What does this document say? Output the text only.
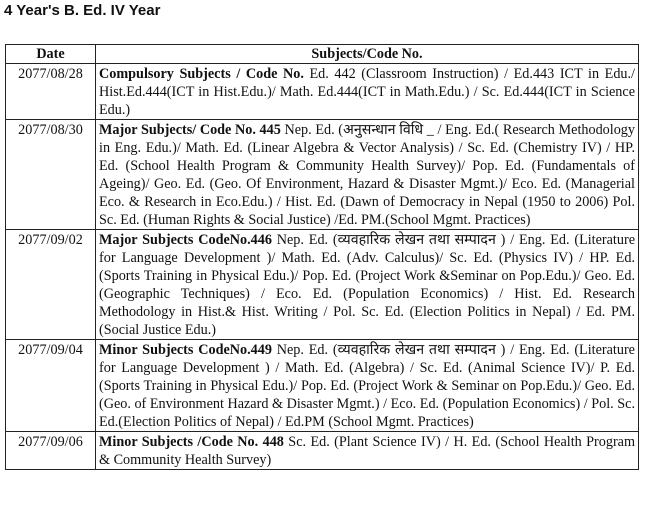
4 Year's B. Ed. IV Year
Date	Subjects/Code No.
2077/08/28	Compulsory Subjects / Code No. Ed. 442 (Classroom Instruction) / Ed.443 ICT in Edu./ Hist.Ed.444(ICT in Hist.Edu.)/ Math. Ed.444(ICT in Math.Edu.) / Sc. Ed.444(ICT in Science Edu.)
2077/08/30	Major Subjects/ Code No. 445 Nep. Ed. (अनुसन्धान विधि _ / Eng. Ed.( Research Methodology in Eng. Edu.)/ Math. Ed. (Linear Algebra & Vector Analysis) / Sc. Ed. (Chemistry IV) / HP. Ed. (School Health Program & Community Health Survey)/ Pop. Ed. (Fundamentals of Ageing)/ Geo. Ed. (Geo. Of Environment, Hazard & Disaster Mgmt.)/ Eco. Ed. (Managerial Eco. & Research in Eco.Edu.) / Hist. Ed. (Dawn of Democracy in Nepal (1950 to 2006) Pol. Sc. Ed. (Human Rights & Social Justice) /Ed. PM.(School Mgmt. Practices)
2077/09/02	Major Subjects CodeNo.446 Nep. Ed. (व्यवहारिक लेखन तथा सम्पादन ) / Eng. Ed. (Literature for Language Development )/ Math. Ed. (Adv. Calculus)/ Sc. Ed. (Physics IV) / HP. Ed. (Sports Training in Physical Edu.)/ Pop. Ed. (Project Work &Seminar on Pop.Edu.)/ Geo. Ed. (Geographic Techniques) / Eco. Ed. (Population Economics) / Hist. Ed. Research Methodology in Hist.& Hist. Writing / Pol. Sc. Ed. (Election Politics in Nepal) / Ed. PM. (Social Justice Edu.)
2077/09/04	Minor Subjects CodeNo.449 Nep. Ed. (व्यवहारिक लेखन तथा सम्पादन ) / Eng. Ed. (Literature for Language Development ) / Math. Ed. (Algebra) / Sc. Ed. (Animal Science IV)/ P. Ed. (Sports Training in Physical Edu.)/ Pop. Ed. (Project Work & Seminar on Pop.Edu.)/ Geo. Ed. (Geo. of Environment Hazard & Disaster Mgmt.) / Eco. Ed. (Population Economics) / Pol. Sc. Ed.(Election Politics of Nepal) / Ed.PM (School Mgmt. Practices)
2077/09/06	Minor Subjects /Code No. 448 Sc. Ed. (Plant Science IV) / H. Ed. (School Health Program & Community Health Survey)
